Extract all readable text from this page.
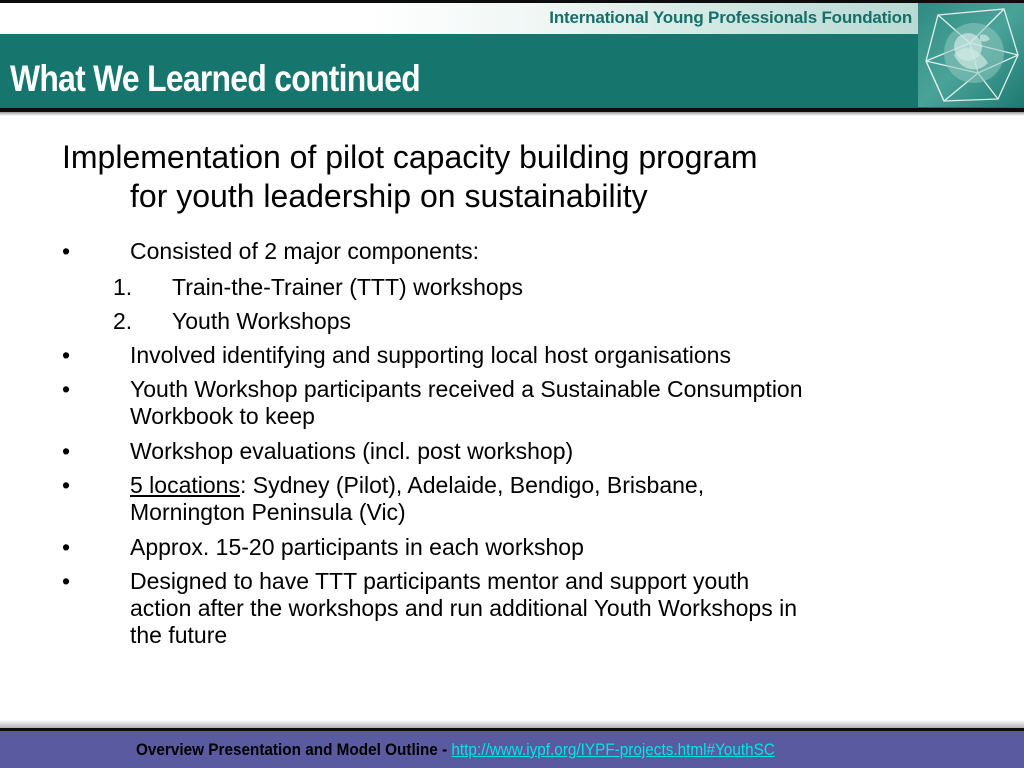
International Young Professionals Foundation
What We Learned continued
Implementation of pilot capacity building program
for youth leadership on sustainability
•	Consisted of 2 major components:
1. Train-the-Trainer (TTT) workshops
2. Youth Workshops
•	Involved identifying and supporting local host organisations
•	Youth Workshop participants received a Sustainable Consumption
Workbook to keep
•	Workshop evaluations (incl. post workshop)
•	5 locations: Sydney (Pilot), Adelaide, Bendigo, Brisbane,
Mornington Peninsula (Vic)
•	Approx. 15-20 participants in each workshop
•	Designed to have TTT participants mentor and support youth
action after the workshops and run additional Youth Workshops in
the future
Overview Presentation and Model Outline - http://www.iypf.org/IYPF-projects.html#YouthSC
